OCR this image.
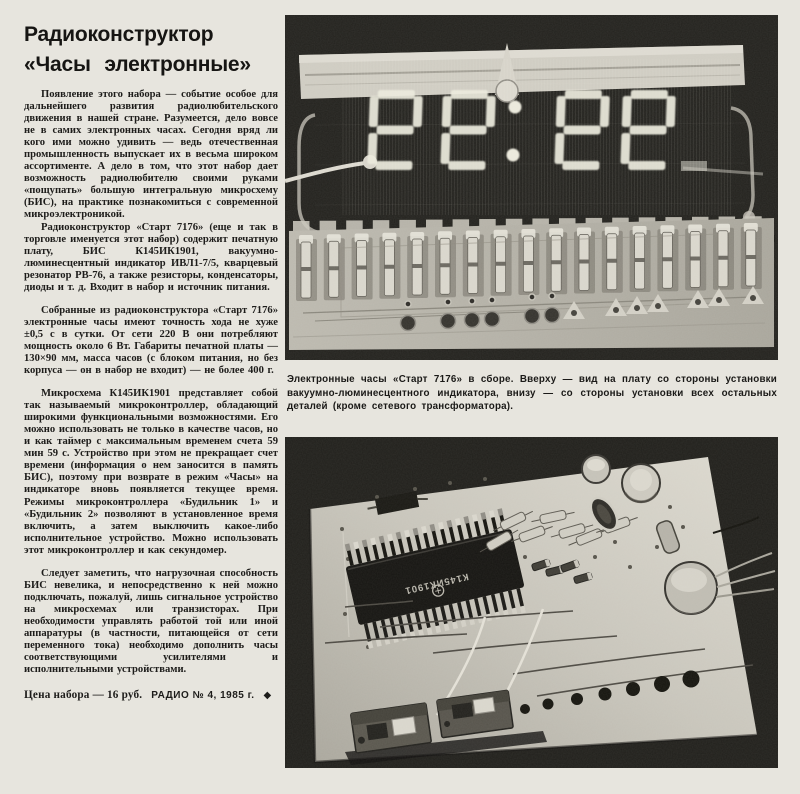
Радиоконструктор
«Часы электронные»

Появление этого набора — событие особое для дальнейшего развития радиолюбительского движения в нашей стране. Разумеется, дело вовсе не в самих электронных часах. Сегодня вряд ли кого ими можно удивить — ведь отечественная промышленность выпускает их в весьма широком ассортименте. А дело в том, что этот набор дает возможность радиолюбителю своими руками «пощупать» большую интегральную микросхему (БИС), на практике познакомиться с современной микроэлектроникой.

Радиоконструктор «Старт 7176» (еще и так в торговле именуется этот набор) содержит печатную плату, БИС К145ИК1901, вакуумно-люминесцентный индикатор ИВЛ1-7/5, кварцевый резонатор РВ-76, а также резисторы, конденсаторы, диоды и т. д. Входит в набор и источник питания.

Собранные из радиоконструктора «Старт 7176» электронные часы имеют точность хода не хуже ±0,5 с в сутки. От сети 220 В они потребляют мощность около 6 Вт. Габариты печатной платы — 130×90 мм, масса часов (с блоком питания, но без корпуса — он в набор не входит) — не более 400 г.

Микросхема К145ИК1901 представляет собой так называемый микроконтроллер, обладающий широкими функциональными возможностями. Его можно использовать не только в качестве часов, но и как таймер с максимальным временем счета 59 мин 59 с. Устройство при этом не прекращает счет времени (информация о нем заносится в память БИС), поэтому при возврате в режим «Часы» на индикаторе вновь появляется текущее время. Режимы микроконтроллера «Будильник 1» и «Будильник 2» позволяют в установленное время включить, а затем выключить какое-либо исполнительное устройство. Можно использовать этот микроконтроллер и как секундомер.

Следует заметить, что нагрузочная способность БИС невелика, и непосредственно к ней можно подключать, пожалуй, лишь сигнальное устройство на микросхемах или транзисторах. При необходимости управлять работой той или иной аппаратуры (в частности, питающейся от сети переменного тока) необходимо дополнить часы соответствующими усилителями и исполнительными устройствами.

Цена набора — 16 руб. РАДИО № 4, 1985 г. ◆
Электронные часы «Старт 7176» в сборе. Вверху — вид на плату со стороны установки вакуумно-люминесцентного индикатора, внизу — со стороны установки всех остальных деталей (кроме сетевого трансформатора).
